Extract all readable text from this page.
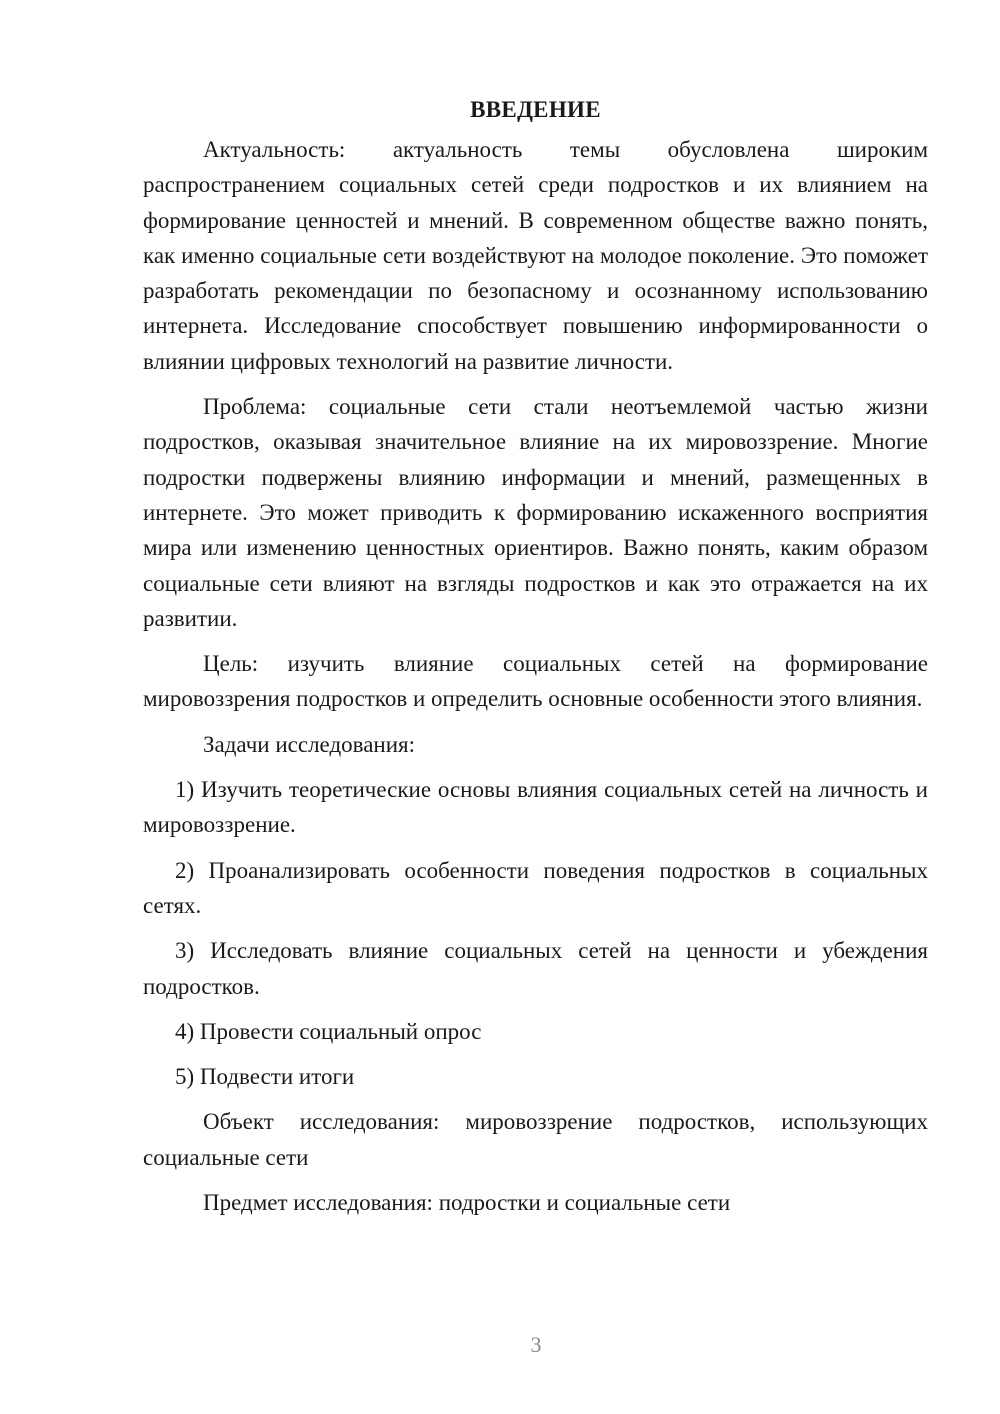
ВВЕДЕНИЕ

Актуальность: актуальность темы обусловлена широким распространением социальных сетей среди подростков и их влиянием на формирование ценностей и мнений. В современном обществе важно понять, как именно социальные сети воздействуют на молодое поколение. Это поможет разработать рекомендации по безопасному и осознанному использованию интернета. Исследование способствует повышению информированности о влиянии цифровых технологий на развитие личности.

Проблема: социальные сети стали неотъемлемой частью жизни подростков, оказывая значительное влияние на их мировоззрение. Многие подростки подвержены влиянию информации и мнений, размещенных в интернете. Это может приводить к формированию искаженного восприятия мира или изменению ценностных ориентиров. Важно понять, каким образом социальные сети влияют на взгляды подростков и как это отражается на их развитии.

Цель: изучить влияние социальных сетей на формирование мировоззрения подростков и определить основные особенности этого влияния.

Задачи исследования:

1) Изучить теоретические основы влияния социальных сетей на личность и мировоззрение.

2) Проанализировать особенности поведения подростков в социальных сетях.

3) Исследовать влияние социальных сетей на ценности и убеждения подростков.

4) Провести социальный опрос

5) Подвести итоги

Объект исследования: мировоззрение подростков, использующих социальные сети

Предмет исследования: подростки и социальные сети

3
